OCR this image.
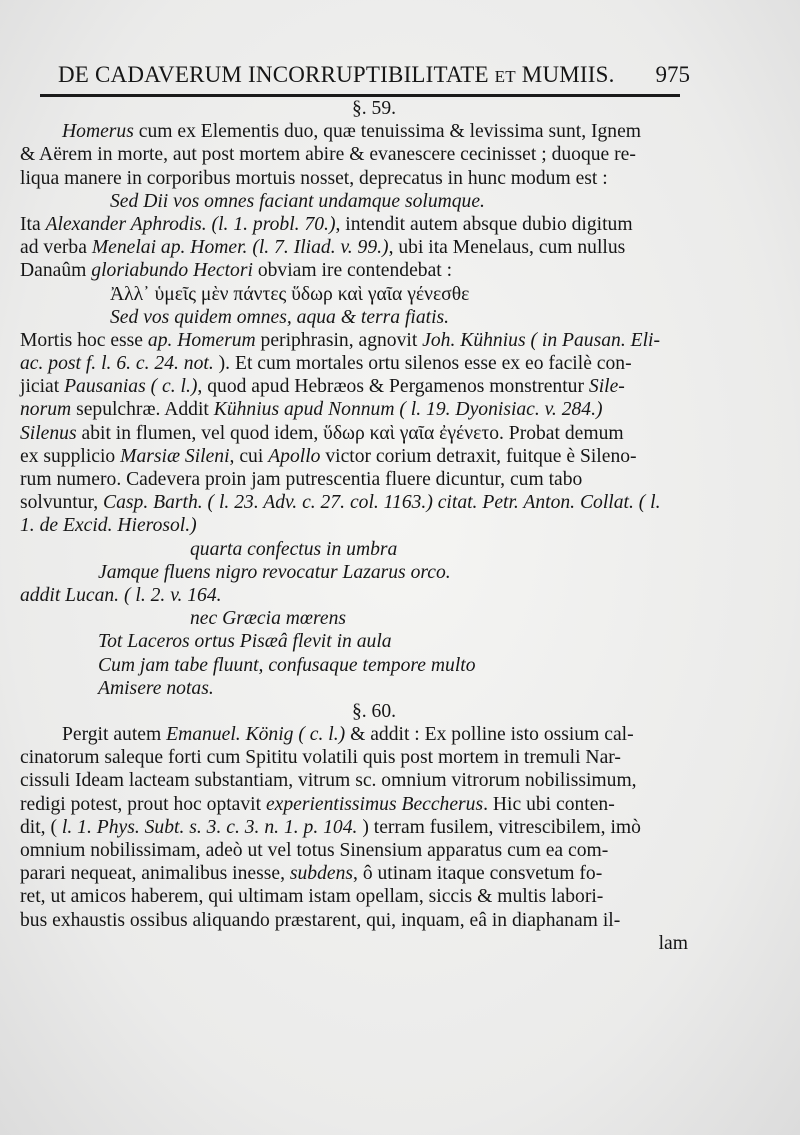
DE CADAVERUM INCORRUPTIBILITATE ET MUMIIS. 975
§. 59.
Homerus cum ex Elementis duo, quæ tenuissima & levissima sunt, Ignem
& Aërem in morte, aut post mortem abire & evanescere cecinisset ; duoque re-
liqua manere in corporibus mortuis nosset, deprecatus in hunc modum est :
Sed Dii vos omnes faciant undamque solumque.
Ita Alexander Aphrodis. (l. 1. probl. 70.), intendit autem absque dubio digitum
ad verba Menelai ap. Homer. (l. 7. Iliad. v. 99.), ubi ita Menelaus, cum nullus
Danaûm gloriabundo Hectori obviam ire contendebat :
Ἀλλ᾽ ὑμεῖς μὲν πάντες ὕδωρ καὶ γαῖα γένεσθε
Sed vos quidem omnes, aqua & terra fiatis.
Mortis hoc esse ap. Homerum periphrasin, agnovit Joh. Kühnius ( in Pausan. Eli-
ac. post f. l. 6. c. 24. not. ). Et cum mortales ortu silenos esse ex eo facilè con-
jiciat Pausanias ( c. l.), quod apud Hebræos & Pergamenos monstrentur Sile-
norum sepulchræ. Addit Kühnius apud Nonnum ( l. 19. Dyonisiac. v. 284.)
Silenus abit in flumen, vel quod idem, ὕδωρ καὶ γαῖα ἐγένετο. Probat demum
ex supplicio Marsiæ Sileni, cui Apollo victor corium detraxit, fuitque è Sileno-
rum numero. Cadevera proin jam putrescentia fluere dicuntur, cum tabo
solvuntur, Casp. Barth. ( l. 23. Adv. c. 27. col. 1163.) citat. Petr. Anton. Collat. ( l.
1. de Excid. Hierosol.)
quarta confectus in umbra
Jamque fluens nigro revocatur Lazarus orco.
addit Lucan. ( l. 2. v. 164.
nec Græcia mœrens
Tot Laceros ortus Pisæâ flevit in aula
Cum jam tabe fluunt, confusaque tempore multo
Amisere notas.
§. 60.
Pergit autem Emanuel. König ( c. l.) & addit : Ex polline isto ossium cal-
cinatorum saleque forti cum Spititu volatili quis post mortem in tremuli Nar-
cissuli Ideam lacteam substantiam, vitrum sc. omnium vitrorum nobilissimum,
redigi potest, prout hoc optavit experientissimus Beccherus. Hic ubi conten-
dit, ( l. 1. Phys. Subt. s. 3. c. 3. n. 1. p. 104. ) terram fusilem, vitrescibilem, imò
omnium nobilissimam, adeò ut vel totus Sinensium apparatus cum ea com-
parari nequeat, animalibus inesse, subdens, ô utinam itaque consvetum fo-
ret, ut amicos haberem, qui ultimam istam opellam, siccis & multis labori-
bus exhaustis ossibus aliquando præstarent, qui, inquam, eâ in diaphanam il-
lam
